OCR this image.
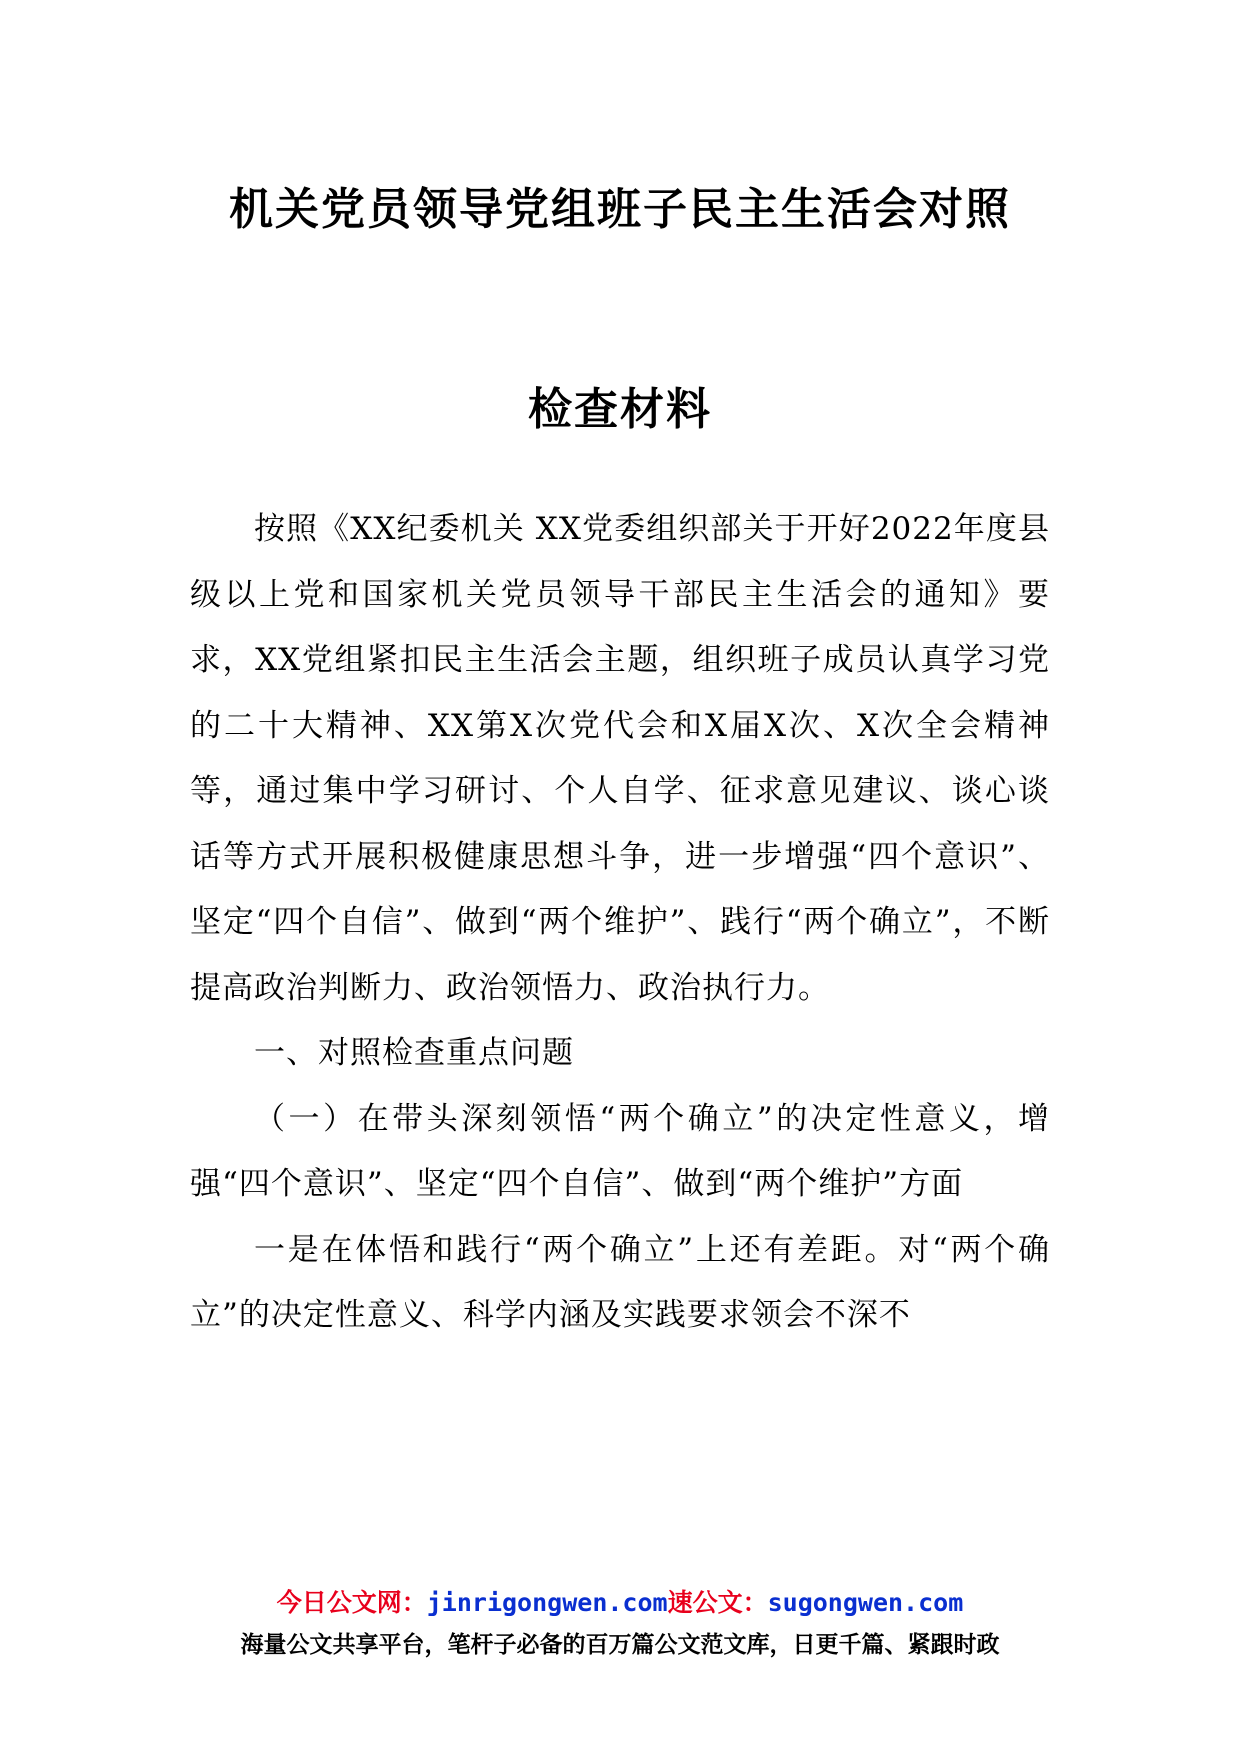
机关党员领导党组班子民主生活会对照
检查材料

按照《XX纪委机关 XX党委组织部关于开好2022年度县级以上党和国家机关党员领导干部民主生活会的通知》要求，XX党组紧扣民主生活会主题，组织班子成员认真学习党的二十大精神、XX第X次党代会和X届X次、X次全会精神等，通过集中学习研讨、个人自学、征求意见建议、谈心谈话等方式开展积极健康思想斗争，进一步增强“四个意识”、坚定“四个自信”、做到“两个维护”、践行“两个确立”，不断提高政治判断力、政治领悟力、政治执行力。

一、对照检查重点问题

（一）在带头深刻领悟“两个确立”的决定性意义，增强“四个意识”、坚定“四个自信”、做到“两个维护”方面

一是在体悟和践行“两个确立”上还有差距。对“两个确立”的决定性意义、科学内涵及实践要求领会不深不

今日公文网：jinrigongwen.com速公文：sugongwen.com
海量公文共享平台，笔杆子必备的百万篇公文范文库，日更千篇、紧跟时政
